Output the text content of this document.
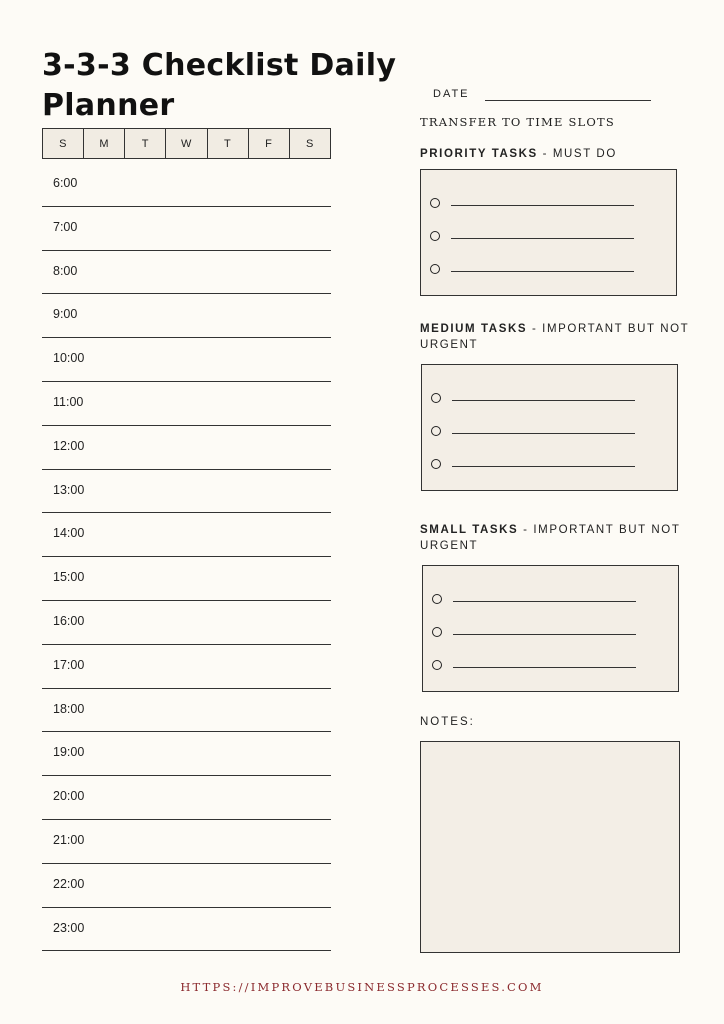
3-3-3 Checklist Daily Planner
S	M	T	W	T	F	S
6:00
7:00
8:00
9:00
10:00
11:00
12:00
13:00
14:00
15:00
16:00
17:00
18:00
19:00
20:00
21:00
22:00
23:00
DATE
TRANSFER TO TIME SLOTS
PRIORITY TASKS - MUST DO
MEDIUM TASKS - IMPORTANT BUT NOT URGENT
SMALL TASKS - IMPORTANT BUT NOT URGENT
NOTES:
HTTPS://IMPROVEBUSINESSPROCESSES.COM
